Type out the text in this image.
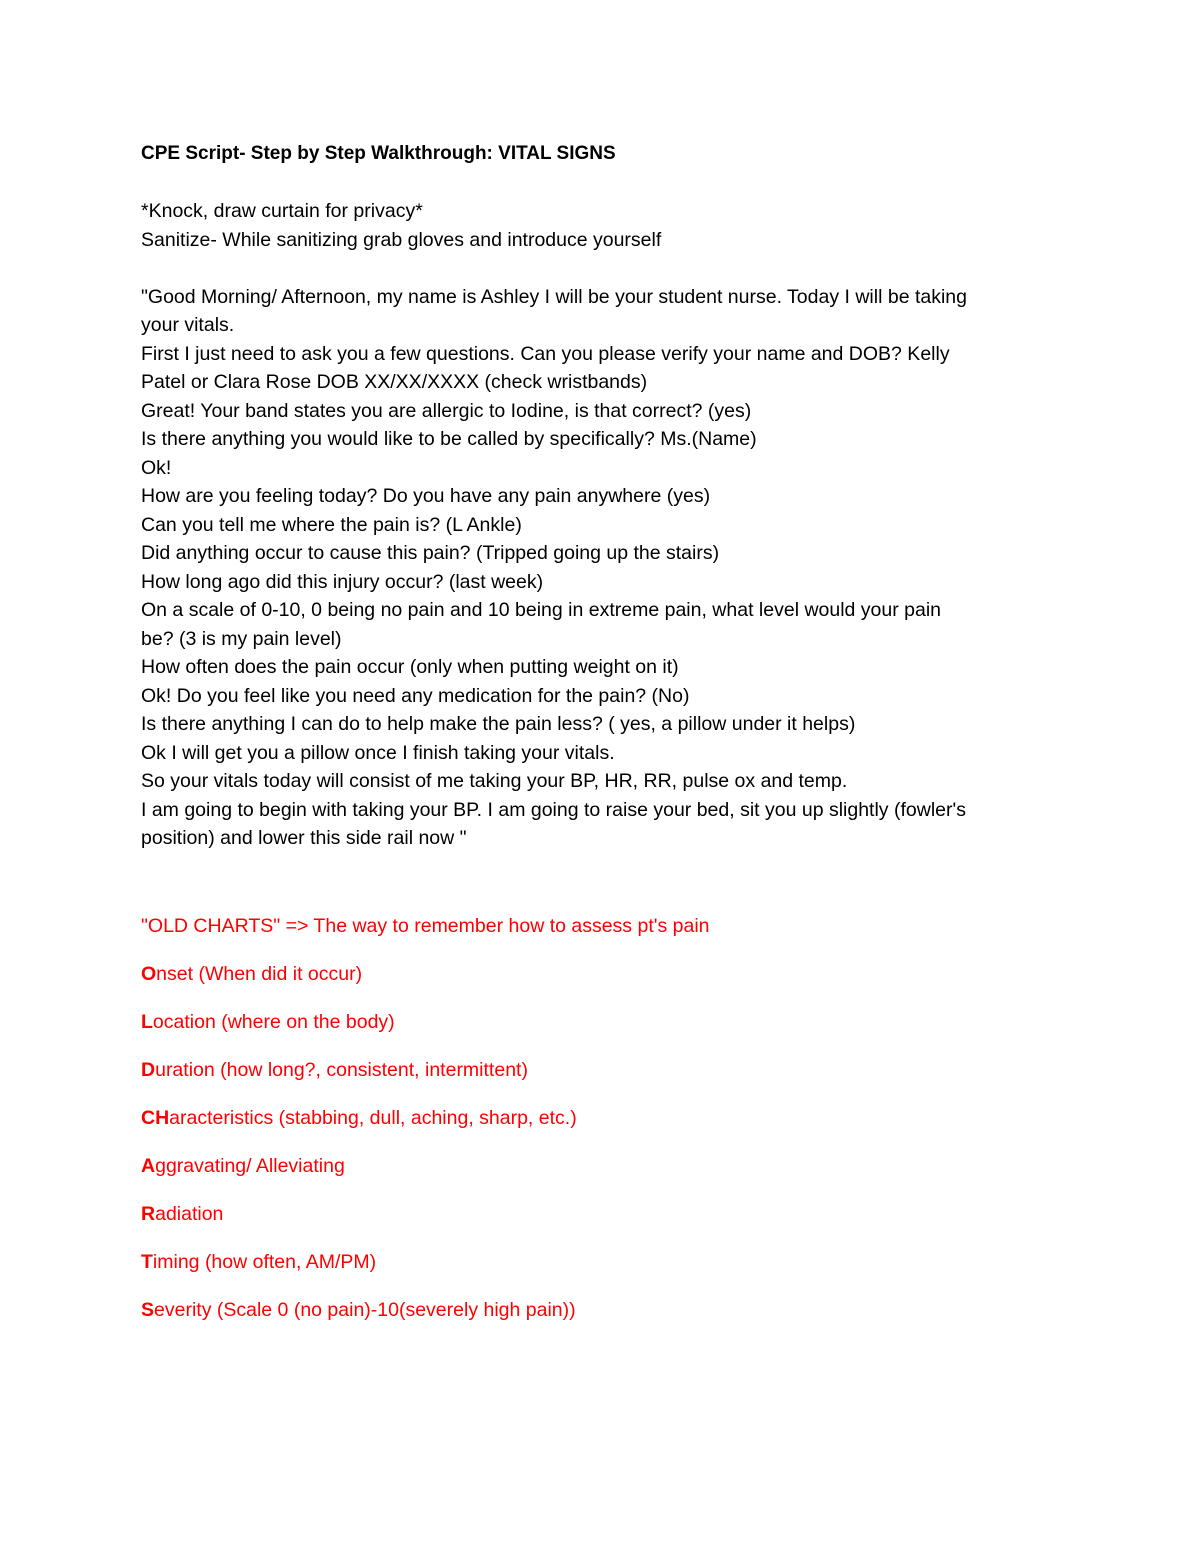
CPE Script- Step by Step Walkthrough: VITAL SIGNS
*Knock, draw curtain for privacy*
Sanitize- While sanitizing grab gloves and introduce yourself
"Good Morning/ Afternoon, my name is Ashley I will be your student nurse. Today I will be taking
your vitals.
First I just need to ask you a few questions. Can you please verify your name and DOB? Kelly
Patel or Clara Rose DOB XX/XX/XXXX (check wristbands)
Great! Your band states you are allergic to Iodine, is that correct? (yes)
Is there anything you would like to be called by specifically? Ms.(Name)
Ok!
How are you feeling today? Do you have any pain anywhere (yes)
Can you tell me where the pain is? (L Ankle)
Did anything occur to cause this pain? (Tripped going up the stairs)
How long ago did this injury occur? (last week)
On a scale of 0-10, 0 being no pain and 10 being in extreme pain, what level would your pain
be? (3 is my pain level)
How often does the pain occur (only when putting weight on it)
Ok! Do you feel like you need any medication for the pain? (No)
Is there anything I can do to help make the pain less? ( yes, a pillow under it helps)
Ok I will get you a pillow once I finish taking your vitals.
So your vitals today will consist of me taking your BP, HR, RR, pulse ox and temp.
I am going to begin with taking your BP. I am going to raise your bed, sit you up slightly (fowler's
position) and lower this side rail now "
"OLD CHARTS" => The way to remember how to assess pt's pain
Onset (When did it occur)
Location (where on the body)
Duration (how long?, consistent, intermittent)
CHaracteristics (stabbing, dull, aching, sharp, etc.)
Aggravating/ Alleviating
Radiation
Timing (how often, AM/PM)
Severity (Scale 0 (no pain)-10(severely high pain))
